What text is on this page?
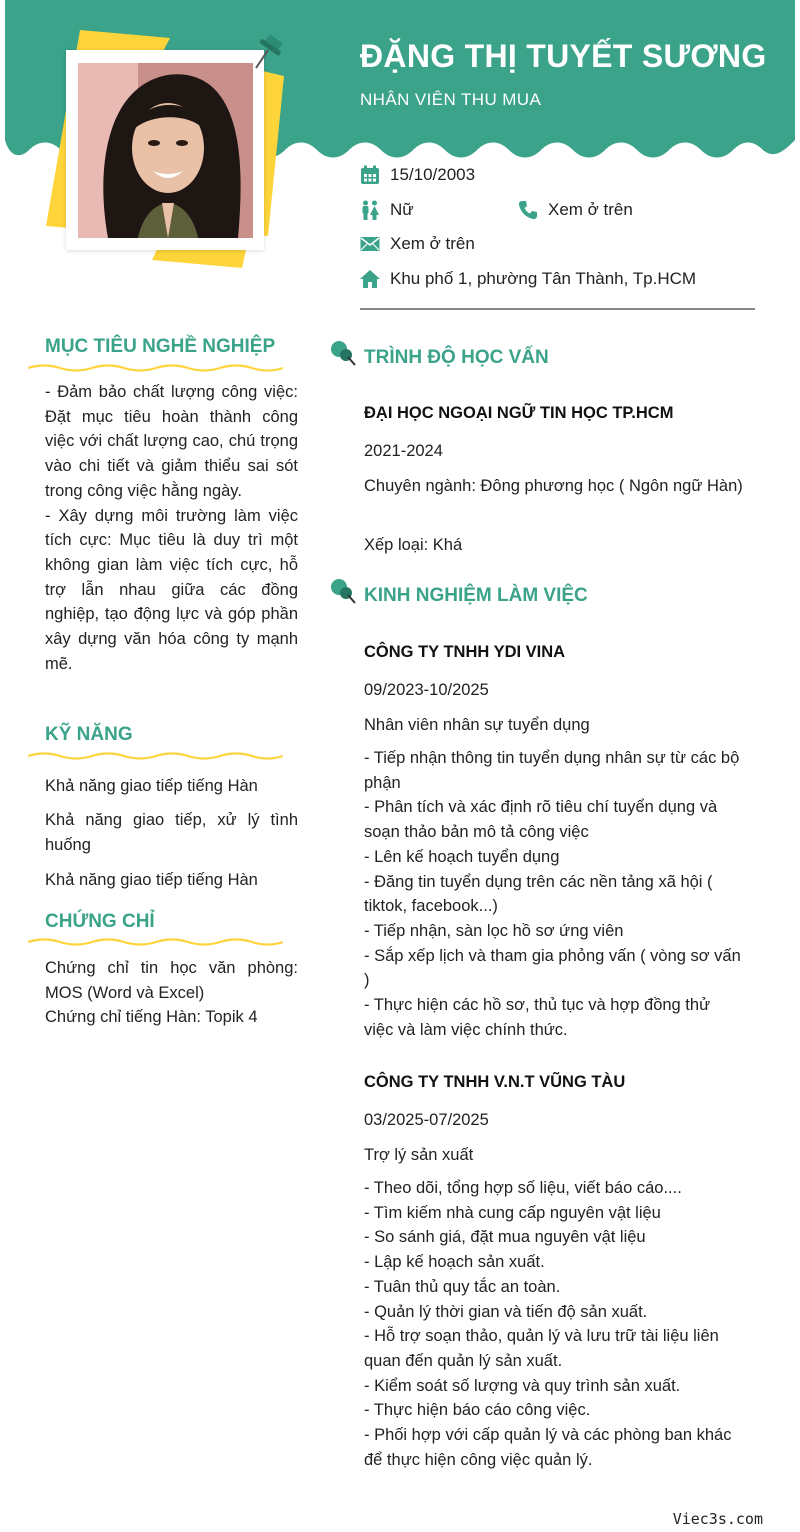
ĐẶNG THỊ TUYẾT SƯƠNG
NHÂN VIÊN THU MUA
15/10/2003
Nữ	Xem ở trên
Xem ở trên
Khu phố 1, phường Tân Thành, Tp.HCM
MỤC TIÊU NGHỀ NGHIỆP
- Đảm bảo chất lượng công việc: Đặt mục tiêu hoàn thành công việc với chất lượng cao, chú trọng vào chi tiết và giảm thiểu sai sót trong công việc hằng ngày.
- Xây dựng môi trường làm việc tích cực: Mục tiêu là duy trì một không gian làm việc tích cực, hỗ trợ lẫn nhau giữa các đồng nghiệp, tạo động lực và góp phần xây dựng văn hóa công ty mạnh mẽ.
KỸ NĂNG
Khả năng giao tiếp tiếng Hàn
Khả năng giao tiếp, xử lý tình huống
Khả năng giao tiếp tiếng Hàn
CHỨNG CHỈ
Chứng chỉ tin học văn phòng: MOS (Word và Excel)
Chứng chỉ tiếng Hàn: Topik 4
TRÌNH ĐỘ HỌC VẤN
ĐẠI HỌC NGOẠI NGỮ TIN HỌC TP.HCM
2021-2024
Chuyên ngành: Đông phương học ( Ngôn ngữ Hàn)
Xếp loại: Khá
KINH NGHIỆM LÀM VIỆC
CÔNG TY TNHH YDI VINA
09/2023-10/2025
Nhân viên nhân sự tuyển dụng
- Tiếp nhận thông tin tuyển dụng nhân sự từ các bộ phận
- Phân tích và xác định rõ tiêu chí tuyển dụng và soạn thảo bản mô tả công việc
- Lên kế hoạch tuyển dụng
- Đăng tin tuyển dụng trên các nền tảng xã hội ( tiktok, facebook...)
- Tiếp nhận, sàn lọc hồ sơ ứng viên
- Sắp xếp lịch và tham gia phỏng vấn ( vòng sơ vấn )
- Thực hiện các hồ sơ, thủ tục và hợp đồng thử việc và làm việc chính thức.
CÔNG TY TNHH V.N.T VŨNG TÀU
03/2025-07/2025
Trợ lý sản xuất
- Theo dõi, tổng hợp số liệu, viết báo cáo....
- Tìm kiếm nhà cung cấp nguyên vật liệu
- So sánh giá, đặt mua nguyên vật liệu
- Lập kế hoạch sản xuất.
- Tuân thủ quy tắc an toàn.
- Quản lý thời gian và tiến độ sản xuất.
- Hỗ trợ soạn thảo, quản lý và lưu trữ tài liệu liên quan đến quản lý sản xuất.
- Kiểm soát số lượng và quy trình sản xuất.
- Thực hiện báo cáo công việc.
- Phối hợp với cấp quản lý và các phòng ban khác để thực hiện công việc quản lý.
Viec3s.com
